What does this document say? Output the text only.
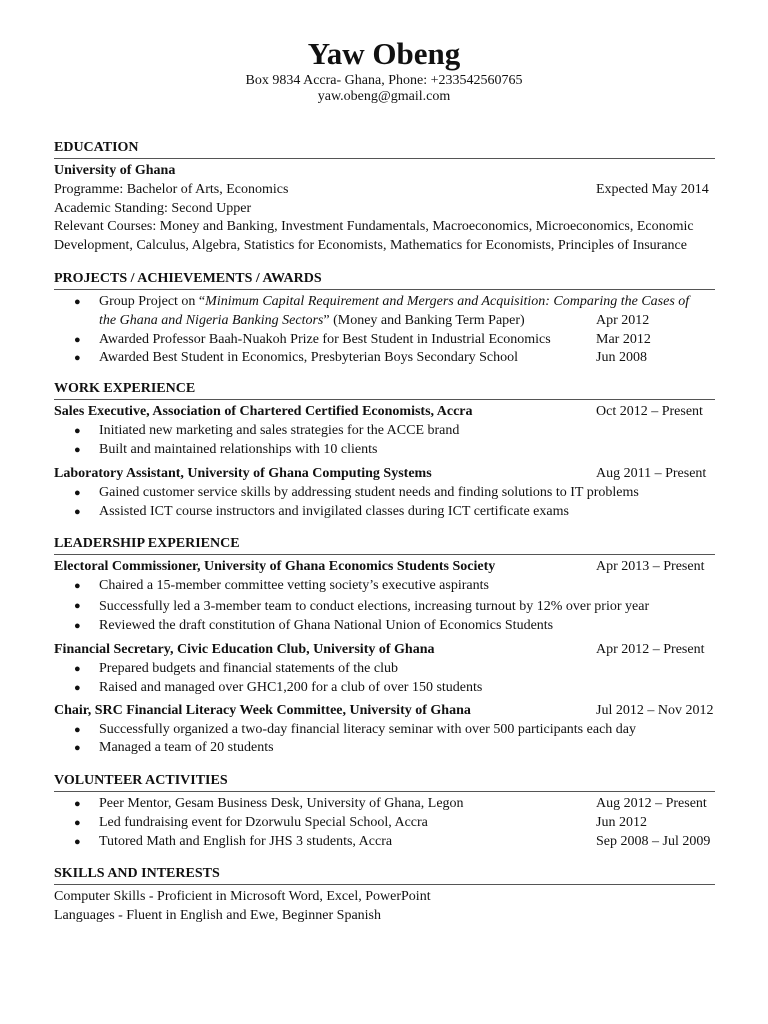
Yaw Obeng
Box 9834 Accra- Ghana, Phone: +233542560765
yaw.obeng@gmail.com
EDUCATION
University of Ghana
Programme: Bachelor of Arts, Economics	Expected May 2014
Academic Standing: Second Upper
Relevant Courses: Money and Banking, Investment Fundamentals, Macroeconomics, Microeconomics, Economic
Development, Calculus, Algebra, Statistics for Economists, Mathematics for Economists, Principles of Insurance
PROJECTS / ACHIEVEMENTS / AWARDS
● Group Project on “Minimum Capital Requirement and Mergers and Acquisition: Comparing the Cases of
the Ghana and Nigeria Banking Sectors” (Money and Banking Term Paper)	Apr 2012
● Awarded Professor Baah-Nuakoh Prize for Best Student in Industrial Economics	Mar 2012
● Awarded Best Student in Economics, Presbyterian Boys Secondary School	Jun 2008
WORK EXPERIENCE
Sales Executive, Association of Chartered Certified Economists, Accra	Oct 2012 – Present
● Initiated new marketing and sales strategies for the ACCE brand
● Built and maintained relationships with 10 clients
Laboratory Assistant, University of Ghana Computing Systems	Aug 2011 – Present
● Gained customer service skills by addressing student needs and finding solutions to IT problems
● Assisted ICT course instructors and invigilated classes during ICT certificate exams
LEADERSHIP EXPERIENCE
Electoral Commissioner, University of Ghana Economics Students Society	Apr 2013 – Present
● Chaired a 15-member committee vetting society’s executive aspirants
● Successfully led a 3-member team to conduct elections, increasing turnout by 12% over prior year
● Reviewed the draft constitution of Ghana National Union of Economics Students
Financial Secretary, Civic Education Club, University of Ghana	Apr 2012 – Present
● Prepared budgets and financial statements of the club
● Raised and managed over GHC1,200 for a club of over 150 students
Chair, SRC Financial Literacy Week Committee, University of Ghana	Jul 2012 – Nov 2012
● Successfully organized a two-day financial literacy seminar with over 500 participants each day
● Managed a team of 20 students
VOLUNTEER ACTIVITIES
● Peer Mentor, Gesam Business Desk, University of Ghana, Legon	Aug 2012 – Present
● Led fundraising event for Dzorwulu Special School, Accra	Jun 2012
● Tutored Math and English for JHS 3 students, Accra	Sep 2008 – Jul 2009
SKILLS AND INTERESTS
Computer Skills - Proficient in Microsoft Word, Excel, PowerPoint
Languages - Fluent in English and Ewe, Beginner Spanish
